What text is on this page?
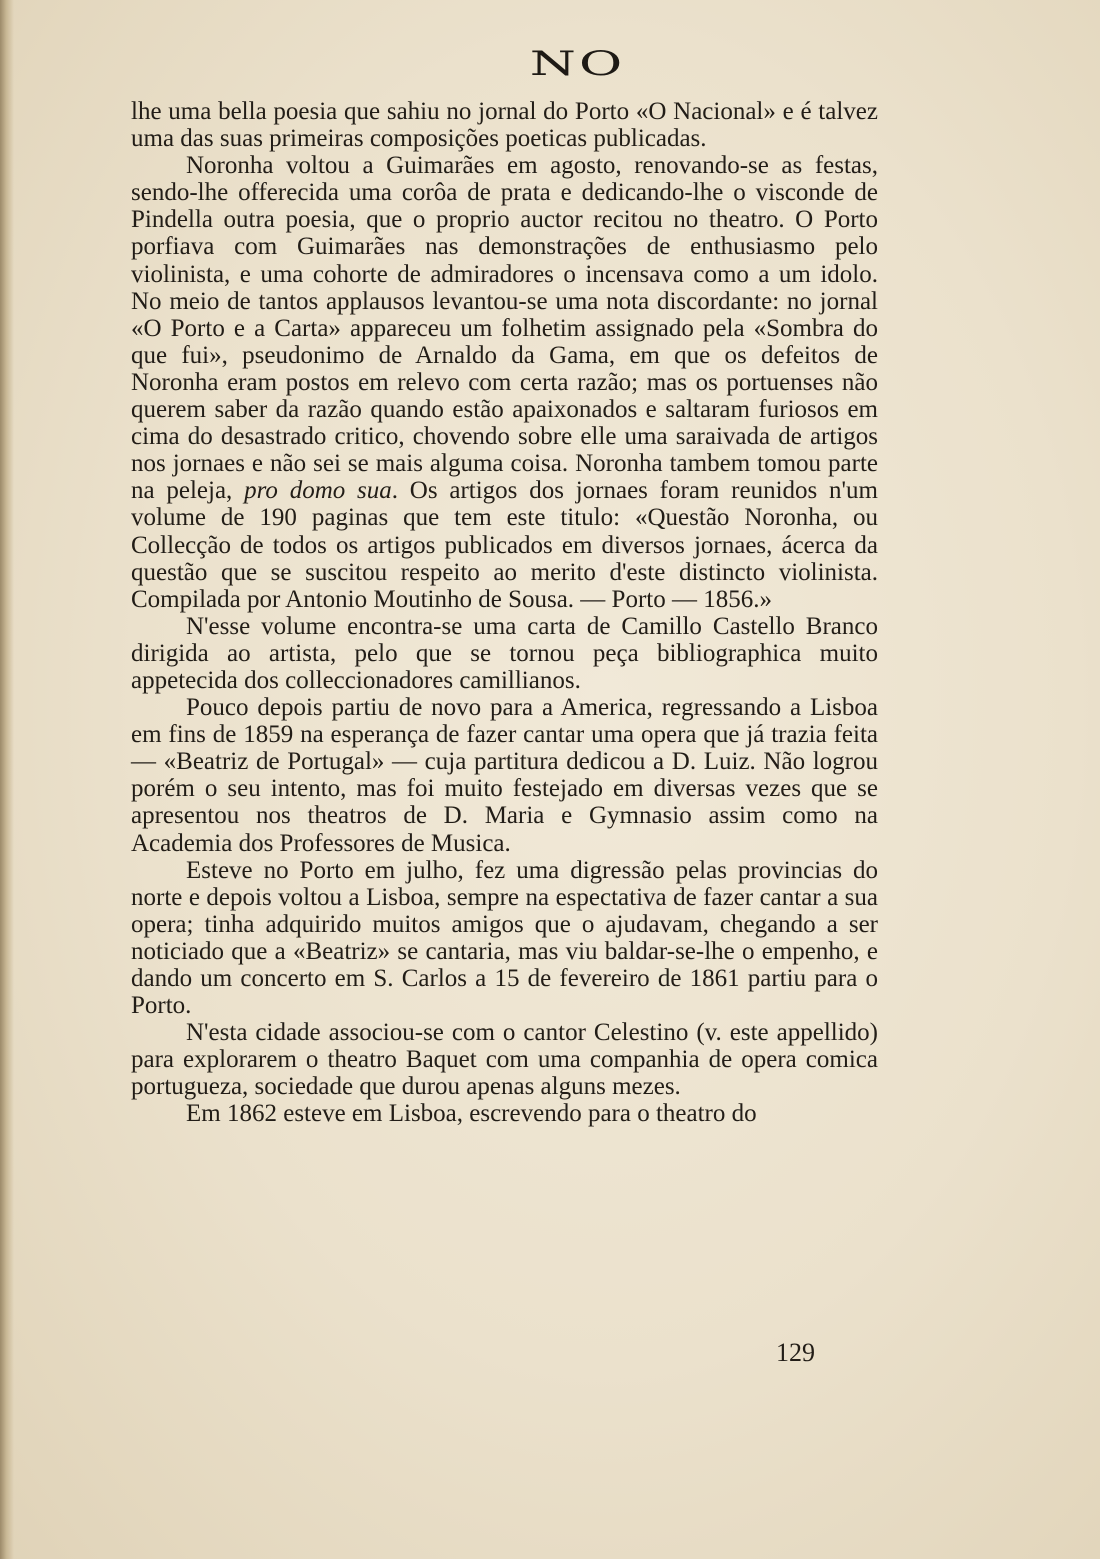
NO

lhe uma bella poesia que sahiu no jornal do Porto «O Nacional» e é talvez uma das suas primeiras composições poeticas publicadas.

Noronha voltou a Guimarães em agosto, renovando-se as festas, sendo-lhe offerecida uma corôa de prata e dedicando-lhe o visconde de Pindella outra poesia, que o proprio auctor recitou no theatro. O Porto porfiava com Guimarães nas demonstrações de enthusiasmo pelo violinista, e uma cohorte de admiradores o incensava como a um idolo. No meio de tantos applausos levantou-se uma nota discordante: no jornal «O Porto e a Carta» appareceu um folhetim assignado pela «Sombra do que fui», pseudonimo de Arnaldo da Gama, em que os defeitos de Noronha eram postos em relevo com certa razão; mas os portuenses não querem saber da razão quando estão apaixonados e saltaram furiosos em cima do desastrado critico, chovendo sobre elle uma saraivada de artigos nos jornaes e não sei se mais alguma coisa. Noronha tambem tomou parte na peleja, pro domo sua. Os artigos dos jornaes foram reunidos n'um volume de 190 paginas que tem este titulo: «Questão Noronha, ou Collecção de todos os artigos publicados em diversos jornaes, ácerca da questão que se suscitou respeito ao merito d'este distincto violinista. Compilada por Antonio Moutinho de Sousa. — Porto — 1856.»

N'esse volume encontra-se uma carta de Camillo Castello Branco dirigida ao artista, pelo que se tornou peça bibliographica muito appetecida dos colleccionadores camillianos.

Pouco depois partiu de novo para a America, regressando a Lisboa em fins de 1859 na esperança de fazer cantar uma opera que já trazia feita — «Beatriz de Portugal» — cuja partitura dedicou a D. Luiz. Não logrou porém o seu intento, mas foi muito festejado em diversas vezes que se apresentou nos theatros de D. Maria e Gymnasio assim como na Academia dos Professores de Musica.

Esteve no Porto em julho, fez uma digressão pelas provincias do norte e depois voltou a Lisboa, sempre na espectativa de fazer cantar a sua opera; tinha adquirido muitos amigos que o ajudavam, chegando a ser noticiado que a «Beatriz» se cantaria, mas viu baldar-se-lhe o empenho, e dando um concerto em S. Carlos a 15 de fevereiro de 1861 partiu para o Porto.

N'esta cidade associou-se com o cantor Celestino (v. este appellido) para explorarem o theatro Baquet com uma companhia de opera comica portugueza, sociedade que durou apenas alguns mezes.

Em 1862 esteve em Lisboa, escrevendo para o theatro do

129
